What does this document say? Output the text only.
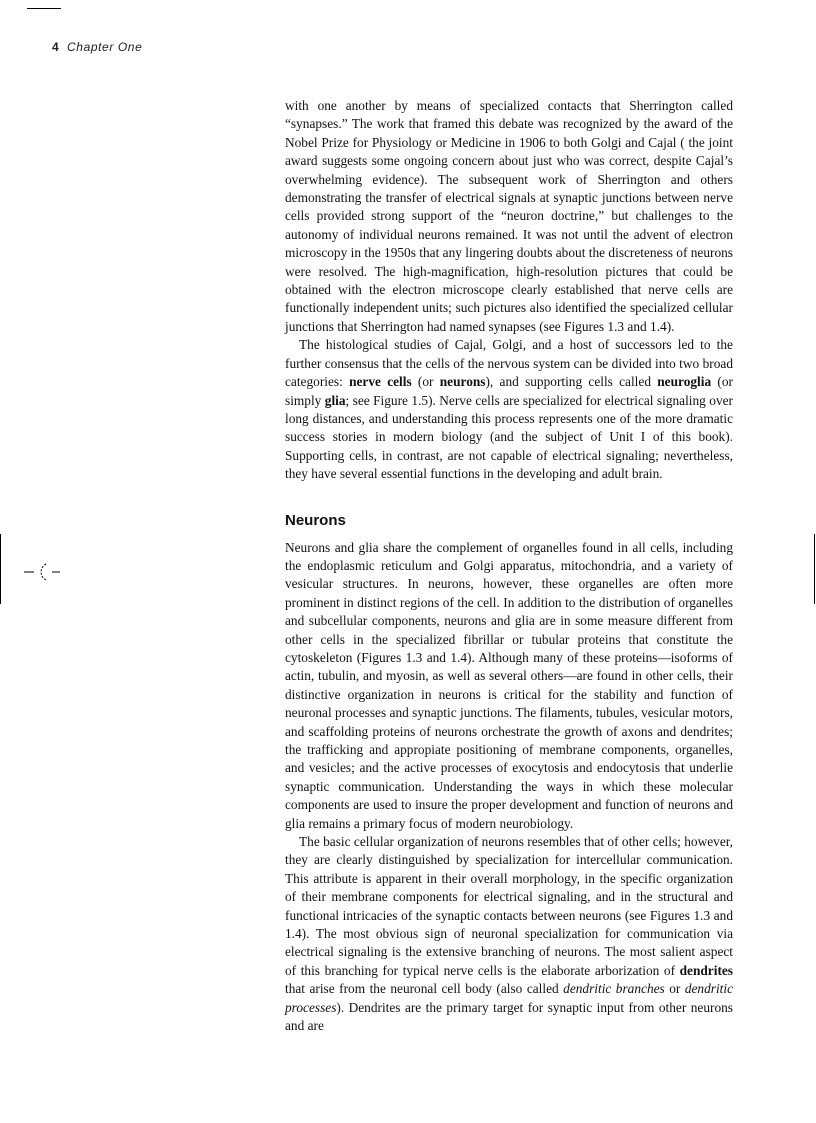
4 Chapter One

with one another by means of specialized contacts that Sherrington called “synapses.” The work that framed this debate was recognized by the award of the Nobel Prize for Physiology or Medicine in 1906 to both Golgi and Cajal ( the joint award suggests some ongoing concern about just who was correct, despite Cajal’s overwhelming evidence). The subsequent work of Sherrington and others demonstrating the transfer of electrical signals at synaptic junctions between nerve cells provided strong support of the “neuron doctrine,” but challenges to the autonomy of individual neurons remained. It was not until the advent of electron microscopy in the 1950s that any lingering doubts about the discreteness of neurons were resolved. The high-magnification, high-resolution pictures that could be obtained with the electron microscope clearly established that nerve cells are functionally independent units; such pictures also identified the specialized cellular junctions that Sherrington had named synapses (see Figures 1.3 and 1.4).

The histological studies of Cajal, Golgi, and a host of successors led to the further consensus that the cells of the nervous system can be divided into two broad categories: nerve cells (or neurons), and supporting cells called neuroglia (or simply glia; see Figure 1.5). Nerve cells are specialized for electrical signaling over long distances, and understanding this process represents one of the more dramatic success stories in modern biology (and the subject of Unit I of this book). Supporting cells, in contrast, are not capable of electrical signaling; nevertheless, they have several essential functions in the developing and adult brain.

Neurons

Neurons and glia share the complement of organelles found in all cells, including the endoplasmic reticulum and Golgi apparatus, mitochondria, and a variety of vesicular structures. In neurons, however, these organelles are often more prominent in distinct regions of the cell. In addition to the distribution of organelles and subcellular components, neurons and glia are in some measure different from other cells in the specialized fibrillar or tubular proteins that constitute the cytoskeleton (Figures 1.3 and 1.4). Although many of these proteins—isoforms of actin, tubulin, and myosin, as well as several others—are found in other cells, their distinctive organization in neurons is critical for the stability and function of neuronal processes and synaptic junctions. The filaments, tubules, vesicular motors, and scaffolding proteins of neurons orchestrate the growth of axons and dendrites; the trafficking and appropiate positioning of membrane components, organelles, and vesicles; and the active processes of exocytosis and endocytosis that underlie synaptic communication. Understanding the ways in which these molecular components are used to insure the proper development and function of neurons and glia remains a primary focus of modern neurobiology.

The basic cellular organization of neurons resembles that of other cells; however, they are clearly distinguished by specialization for intercellular communication. This attribute is apparent in their overall morphology, in the specific organization of their membrane components for electrical signaling, and in the structural and functional intricacies of the synaptic contacts between neurons (see Figures 1.3 and 1.4). The most obvious sign of neuronal specialization for communication via electrical signaling is the extensive branching of neurons. The most salient aspect of this branching for typical nerve cells is the elaborate arborization of dendrites that arise from the neuronal cell body (also called dendritic branches or dendritic processes). Dendrites are the primary target for synaptic input from other neurons and are
